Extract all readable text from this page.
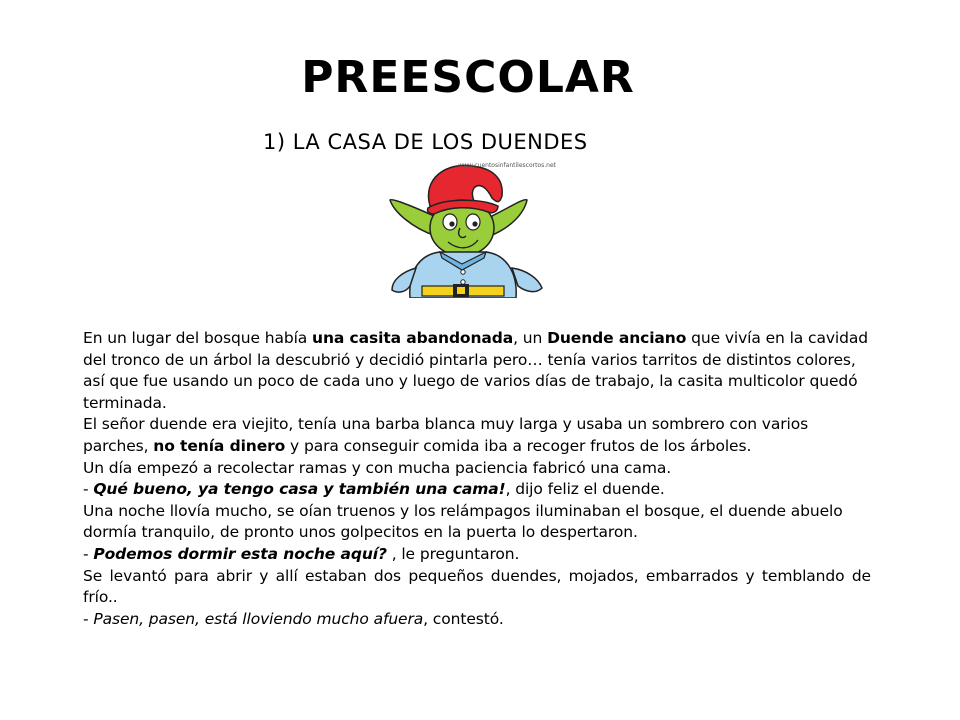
PREESCOLAR
1) LA CASA DE LOS DUENDES
www.cuentosinfantilescortos.net

En un lugar del bosque había una casita abandonada, un Duende anciano que vivía en la cavidad del tronco de un árbol la descubrió y decidió pintarla pero… tenía varios tarritos de distintos colores, así que fue usando un poco de cada uno y luego de varios días de trabajo, la casita multicolor quedó terminada.

El señor duende era viejito, tenía una barba blanca muy larga y usaba un sombrero con varios parches, no tenía dinero y para conseguir comida iba a recoger frutos de los árboles.

Un día empezó a recolectar ramas y con mucha paciencia fabricó una cama.

- Qué bueno, ya tengo casa y también una cama!, dijo feliz el duende.

Una noche llovía mucho, se oían truenos y los relámpagos iluminaban el bosque, el duende abuelo dormía tranquilo, de pronto unos golpecitos en la puerta lo despertaron.

- Podemos dormir esta noche aquí? , le preguntaron.

Se levantó para abrir y allí estaban dos pequeños duendes, mojados, embarrados y temblando de frío..

- Pasen, pasen, está lloviendo mucho afuera, contestó.
